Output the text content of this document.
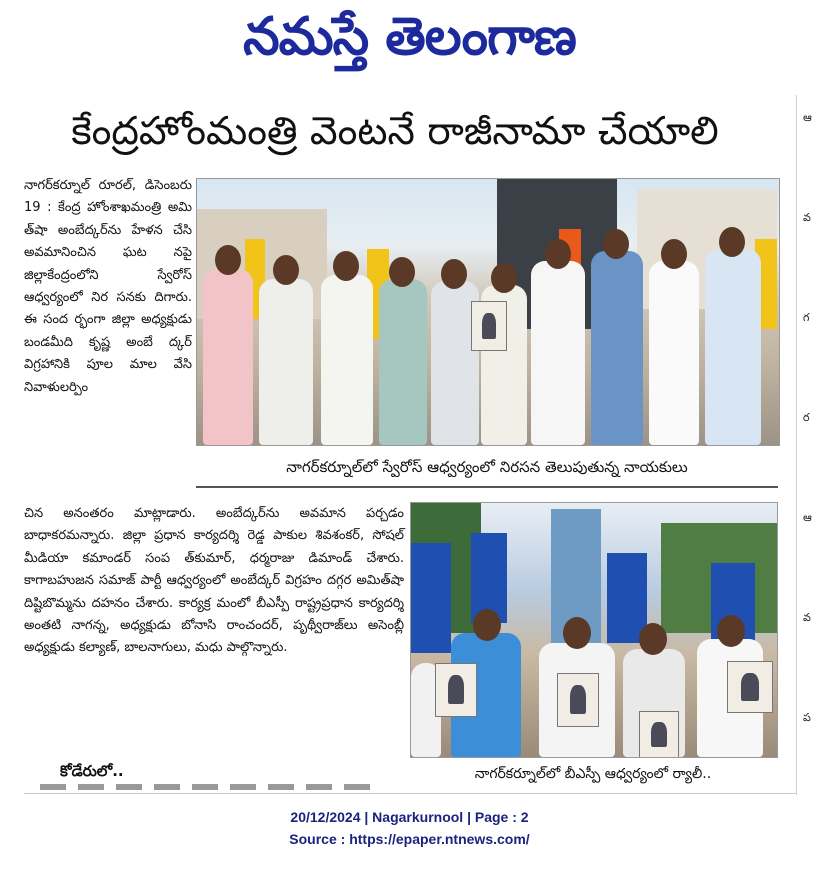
నమస్తే తెలంగాణ
కేంద్రహోంమంత్రి వెంటనే రాజీనామా చేయాలి	ఆ
వ
గ
ర
ఆ
వ
ప

నాగర్‌కర్నూల్ రూరల్, డిసెంబరు 19 : కేంద్ర హోంశాఖమంత్రి అమి త్‌షా అంబేద్కర్‌ను హేళన చేసి అవమానించిన ఘట నపై జిల్లాకేంద్రంలోని స్వేరోస్ ఆధ్వర్యంలో నిర సనకు దిగారు. ఈ సంద ర్భంగా జిల్లా అధ్యక్షుడు బండమీది కృష్ణ అంబే ద్కర్ విగ్రహానికి పూల మాల వేసి నివాళులర్పిం

నాగర్‌కర్నూల్‌లో స్వేరోస్ ఆధ్వర్యంలో నిరసన తెలుపుతున్న నాయకులు

చిన అనంతరం మాట్లాడారు. అంబేద్కర్‌ను అవమాన పర్చడం బాధాకరమన్నారు. జిల్లా ప్రధాన కార్యదర్శి రెడ్డ పాకుల శివశంకర్, సోషల్ మీడియా కమాండర్ సంప త్‌కుమార్, ధర్మరాజు డిమాండ్ చేశారు. కాగాబహుజన సమాజ్ పార్టీ ఆధ్వర్యంలో అంబేద్కర్ విగ్రహం దగ్గర అమిత్‌షా దిష్టిబొమ్మను దహనం చేశారు. కార్యక్ర మంలో బీఎస్పీ రాష్ట్రప్రధాన కార్యదర్శి అంతటి నాగన్న, అధ్యక్షుడు బోనాసి రాంచందర్, పృథ్వీరాజ్‌లు అసెంబ్లీ అధ్యక్షుడు కల్యాణ్, బాలనాగులు, మధు పాల్గొన్నారు.

నాగర్‌కర్నూల్‌లో బీఎస్పీ ఆధ్వర్యంలో ర్యాలీ..
కోడేరులో..
20/12/2024 | Nagarkurnool | Page : 2
Source : https://epaper.ntnews.com/
